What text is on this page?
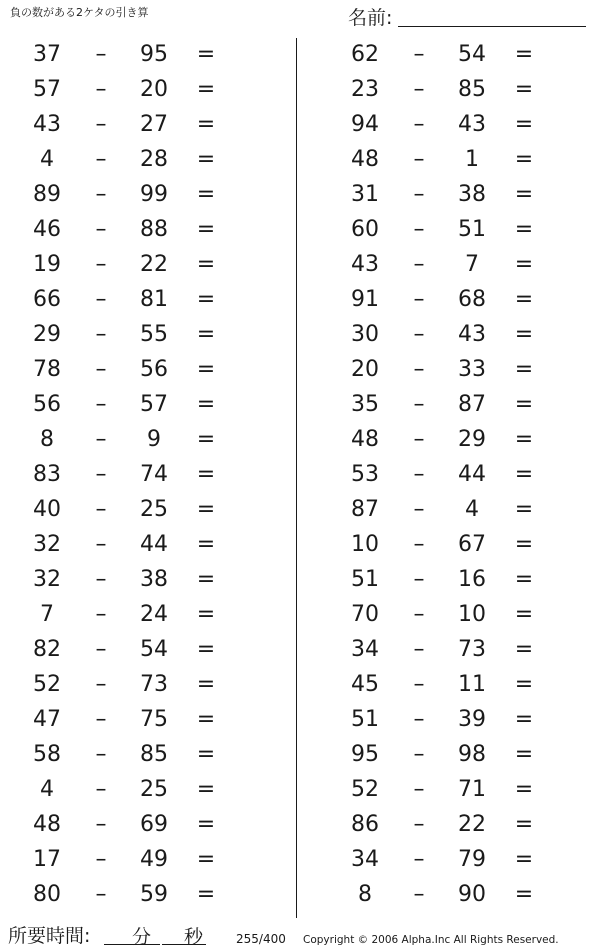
負の数がある2ケタの引き算	名前:
37	–	95	=
57	–	20	=
43	–	27	=
4	–	28	=
89	–	99	=
46	–	88	=
19	–	22	=
66	–	81	=
29	–	55	=
78	–	56	=
56	–	57	=
8	–	9	=
83	–	74	=
40	–	25	=
32	–	44	=
32	–	38	=
7	–	24	=
82	–	54	=
52	–	73	=
47	–	75	=
58	–	85	=
4	–	25	=
48	–	69	=
17	–	49	=
80	–	59	=
62	–	54	=
23	–	85	=
94	–	43	=
48	–	1	=
31	–	38	=
60	–	51	=
43	–	7	=
91	–	68	=
30	–	43	=
20	–	33	=
35	–	87	=
48	–	29	=
53	–	44	=
87	–	4	=
10	–	67	=
51	–	16	=
70	–	10	=
34	–	73	=
45	–	11	=
51	–	39	=
95	–	98	=
52	–	71	=
86	–	22	=
34	–	79	=
8	–	90	=
所要時間: 分 秒	255/400 Copyright © 2006 Alpha.Inc All Rights Reserved.
